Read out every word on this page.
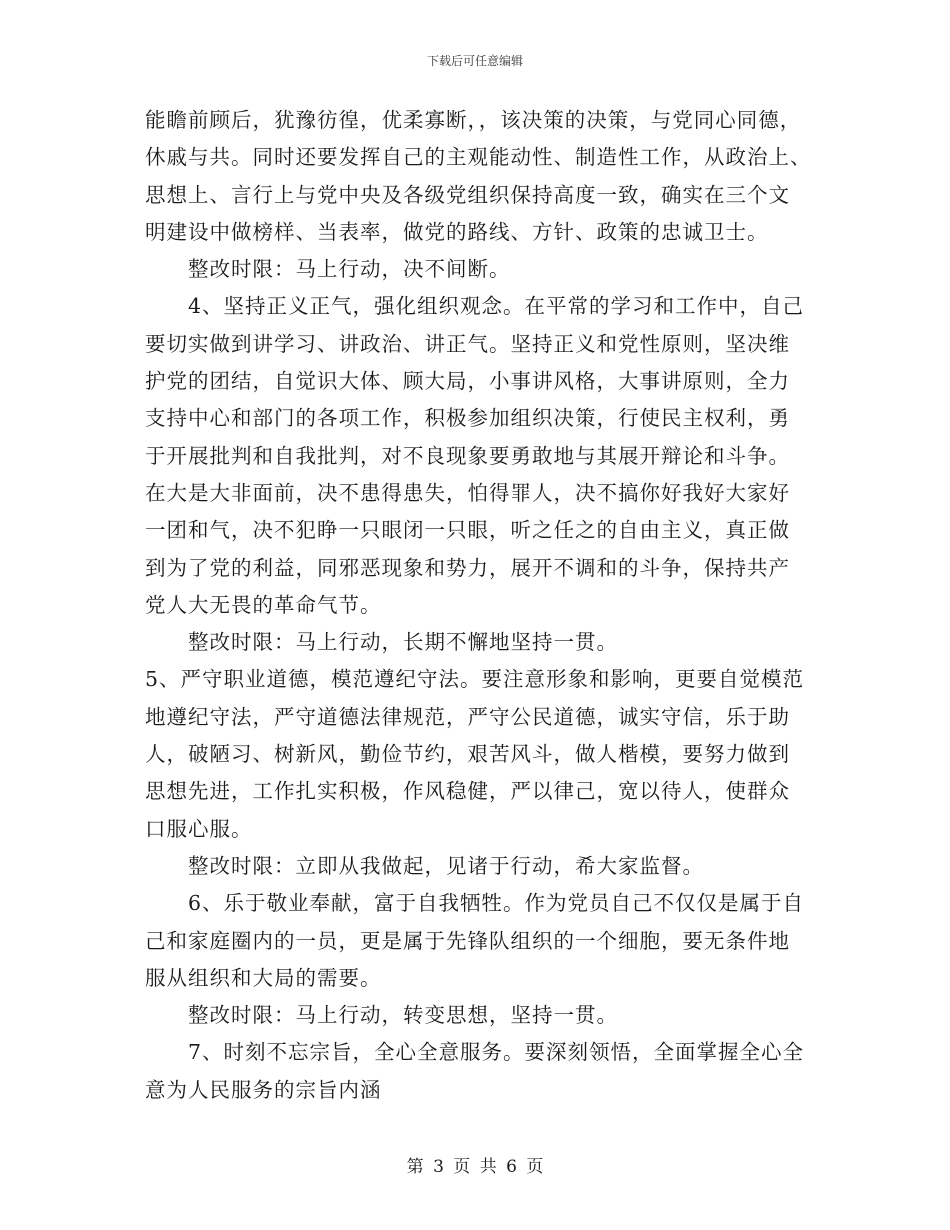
下载后可任意编辑
能瞻前顾后，犹豫彷徨，优柔寡断，，该决策的决策，与党同心同德，
休戚与共。同时还要发挥自己的主观能动性、制造性工作，从政治上、
思想上、言行上与党中央及各级党组织保持高度一致，确实在三个文
明建设中做榜样、当表率，做党的路线、方针、政策的忠诚卫士。
整改时限：马上行动，决不间断。
4、坚持正义正气，强化组织观念。在平常的学习和工作中，自己
要切实做到讲学习、讲政治、讲正气。坚持正义和党性原则，坚决维
护党的团结，自觉识大体、顾大局，小事讲风格，大事讲原则，全力
支持中心和部门的各项工作，积极参加组织决策，行使民主权利，勇
于开展批判和自我批判，对不良现象要勇敢地与其展开辩论和斗争。
在大是大非面前，决不患得患失，怕得罪人，决不搞你好我好大家好
一团和气，决不犯睁一只眼闭一只眼，听之任之的自由主义，真正做
到为了党的利益，同邪恶现象和势力，展开不调和的斗争，保持共产
党人大无畏的革命气节。
整改时限：马上行动，长期不懈地坚持一贯。
5、严守职业道德，模范遵纪守法。要注意形象和影响，更要自觉模范
地遵纪守法，严守道德法律规范，严守公民道德，诚实守信，乐于助
人，破陋习、树新风，勤俭节约，艰苦风斗，做人楷模，要努力做到
思想先进，工作扎实积极，作风稳健，严以律己，宽以待人，使群众
口服心服。
整改时限：立即从我做起，见诸于行动，希大家监督。
6、乐于敬业奉献，富于自我牺牲。作为党员自己不仅仅是属于自
己和家庭圈内的一员，更是属于先锋队组织的一个细胞，要无条件地
服从组织和大局的需要。
整改时限：马上行动，转变思想，坚持一贯。
7、时刻不忘宗旨，全心全意服务。要深刻领悟，全面掌握全心全
意为人民服务的宗旨内涵
第 3 页 共 6 页
